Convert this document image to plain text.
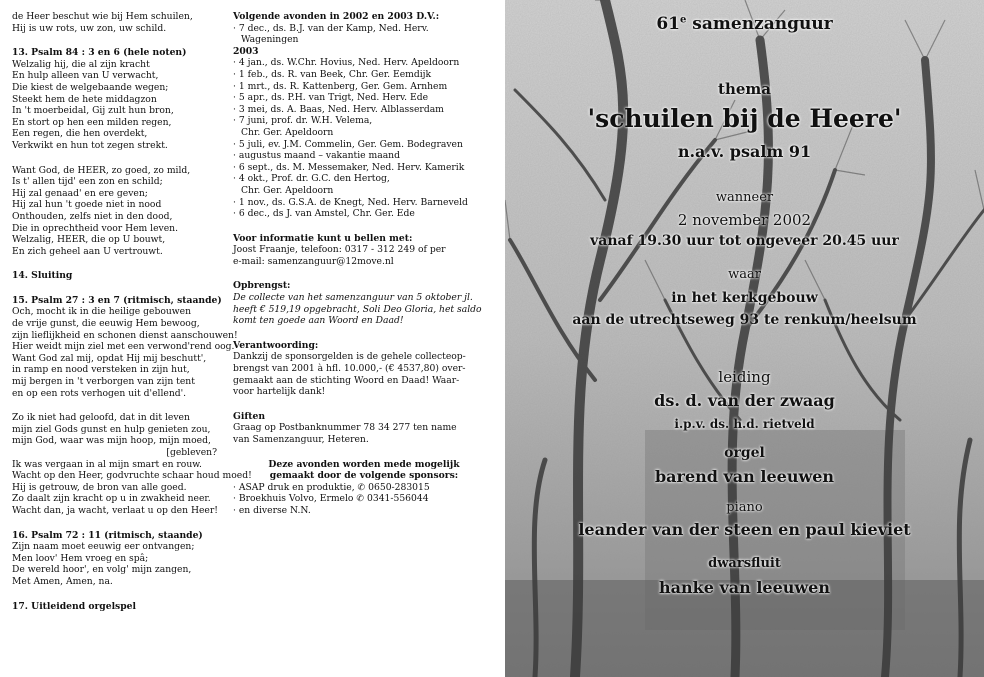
de Heer beschut wie bij Hem schuilen,
Hij is uw rots, uw zon, uw schild.
13. Psalm 84 : 3 en 6 (hele noten)
Welzalig hij, die al zijn kracht
En hulp alleen van U verwacht,
Die kiest de welgebaande wegen;
Steekt hem de hete middagzon
In 't moerbeidal, Gij zult hun bron,
En stort op hen een milden regen,
Een regen, die hen overdekt,
Verkwikt en hun tot zegen strekt.
Want God, de HEER, zo goed, zo mild,
Is t' allen tijd' een zon en schild;
Hij zal genaad' en ere geven;
Hij zal hun 't goede niet in nood
Onthouden, zelfs niet in den dood,
Die in oprechtheid voor Hem leven.
Welzalig, HEER, die op U bouwt,
En zich geheel aan U vertrouwt.
14. Sluiting
15. Psalm 27 : 3 en 7 (ritmisch, staande)
Och, mocht ik in die heilige gebouwen
de vrije gunst, die eeuwig Hem bewoog,
zijn lieflijkheid en schonen dienst aanschouwen!
Hier weidt mijn ziel met een verwond'rend oog.
Want God zal mij, opdat Hij mij beschutt',
in ramp en nood versteken in zijn hut,
mij bergen in 't verborgen van zijn tent
en op een rots verhogen uit d'ellend'.
Zo ik niet had geloofd, dat in dit leven
mijn ziel Gods gunst en hulp genieten zou,
mijn God, waar was mijn hoop, mijn moed,
[gebleven?
Ik was vergaan in al mijn smart en rouw.
Wacht op den Heer, godvruchte schaar houd moed!
Hij is getrouw, de bron van alle goed.
Zo daalt zijn kracht op u in zwakheid neer.
Wacht dan, ja wacht, verlaat u op den Heer!
16. Psalm 72 : 11 (ritmisch, staande)
Zijn naam moet eeuwig eer ontvangen;
Men loov' Hem vroeg en spâ;
De wereld hoor', en volg' mijn zangen,
Met Amen, Amen, na.
17. Uitleidend orgelspel
Volgende avonden in 2002 en 2003 D.V.:
· 7 dec., ds. B.J. van der Kamp, Ned. Herv.
Wageningen
2003
· 4 jan., ds. W.Chr. Hovius, Ned. Herv. Apeldoorn
· 1 feb., ds. R. van Beek, Chr. Ger. Eemdijk
· 1 mrt., ds. R. Kattenberg, Ger. Gem. Arnhem
· 5 apr., ds. P.H. van Trigt, Ned. Herv. Ede
· 3 mei, ds. A. Baas, Ned. Herv. Alblasserdam
· 7 juni, prof. dr. W.H. Velema,
Chr. Ger. Apeldoorn
· 5 juli, ev. J.M. Commelin, Ger. Gem. Bodegraven
· augustus maand – vakantie maand
· 6 sept., ds. M. Messemaker, Ned. Herv. Kamerik
· 4 okt., Prof. dr. G.C. den Hertog,
Chr. Ger. Apeldoorn
· 1 nov., ds. G.S.A. de Knegt, Ned. Herv. Barneveld
· 6 dec., ds J. van Amstel, Chr. Ger. Ede
Voor informatie kunt u bellen met:
Joost Fraanje, telefoon: 0317 - 312 249 of per
e-mail: samenzanguur@12move.nl
Opbrengst:
De collecte van het samenzanguur van 5 oktober jl.
heeft € 519,19 opgebracht, Soli Deo Gloria, het saldo
komt ten goede aan Woord en Daad!
Verantwoording:
Dankzij de sponsorgelden is de gehele collecteop-
brengst van 2001 à hfl. 10.000,- (€ 4537,80) over-
gemaakt aan de stichting Woord en Daad! Waar-
voor hartelijk dank!
Giften
Graag op Postbanknummer 78 34 277 ten name
van Samenzanguur, Heteren.
Deze avonden worden mede mogelijk
gemaakt door de volgende sponsors:
· ASAP druk en produktie, ✆ 0650-283015
· Broekhuis Volvo, Ermelo ✆ 0341-556044
· en diverse N.N.
61e samenzanguur
thema
'schuilen bij de Heere'
n.a.v. psalm 91
wanneer
2 november 2002
vanaf 19.30 uur tot ongeveer 20.45 uur
waar
in het kerkgebouw
aan de utrechtseweg 93 te renkum/heelsum
leiding
ds. d. van der zwaag
i.p.v. ds. h.d. rietveld
orgel
barend van leeuwen
piano
leander van der steen en paul kieviet
dwarsfluit
hanke van leeuwen
